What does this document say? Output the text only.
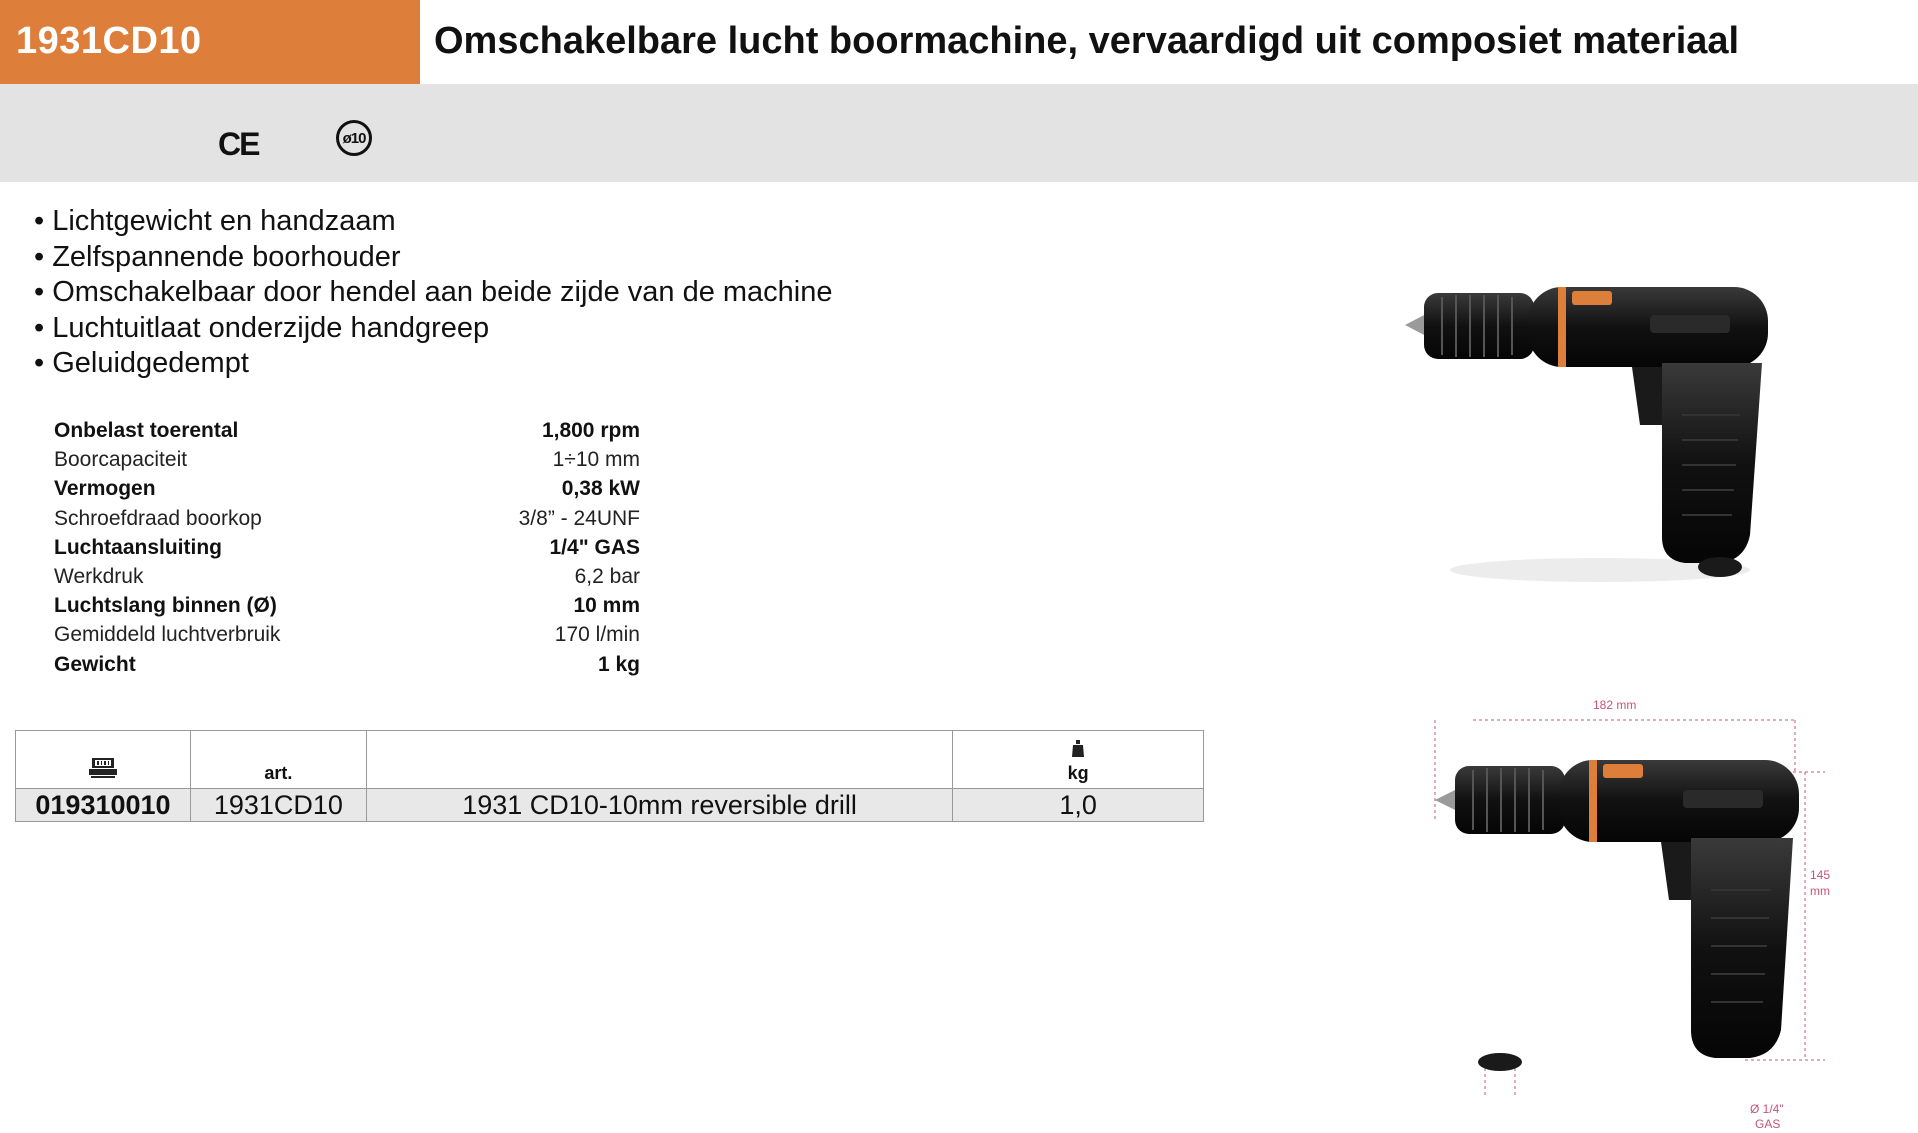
1931CD10	Omschakelbare lucht boormachine, vervaardigd uit composiet materiaal
CE	ø10
• Lichtgewicht en handzaam
• Zelfspannende boorhouder
• Omschakelbaar door hendel aan beide zijde van de machine
• Luchtuitlaat onderzijde handgreep
• Geluidgedempt
Onbelast toerental	1,800 rpm
Boorcapaciteit	1÷10 mm
Vermogen	0,38 kW
Schroefdraad boorkop	3/8” - 24UNF
Luchtaansluiting	1/4" GAS
Werkdruk	6,2 bar
Luchtslang binnen (Ø)	10 mm
Gemiddeld luchtverbruik	170 l/min
Gewicht	1 kg
	art.		kg
019310010	1931CD10	1931 CD10-10mm reversible drill	1,0
182 mm
145
mm
Ø 1/4"
GAS
